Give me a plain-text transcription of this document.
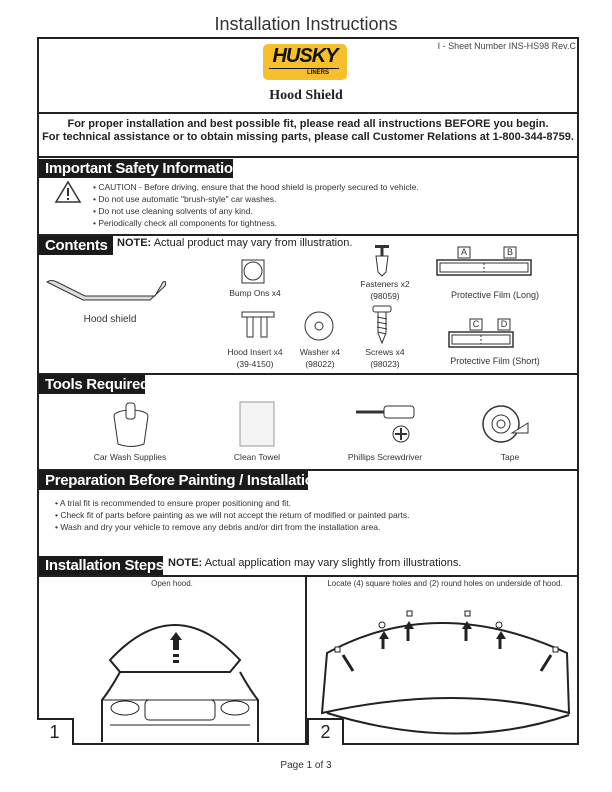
Installation Instructions
I - Sheet Number INS-HS98 Rev.C
HUSKY
LINERS
Hood Shield
For proper installation and best possible fit, please read all instructions BEFORE you begin.
For technical assistance or to obtain missing parts, please call Customer Relations at 1-800-344-8759.
Important Safety Information
• CAUTION - Before driving, ensure that the hood shield is properly secured to vehicle.
• Do not use automatic "brush-style" car washes.
• Do not use cleaning solvents of any kind.
• Periodically check all components for tightness.
Contents NOTE: Actual product may vary from illustration.
Hood shield
Bump Ons x4
Fasteners x2
(98059)
A	B
Protective Film (Long)
Hood Insert x4
(39-4150)
Washer x4
(98022)
Screws x4
(98023)
C	D
Protective Film (Short)
Tools Required
Car Wash Supplies	Clean Towel	Phillips Screwdriver	Tape
Preparation Before Painting / Installation
• A trial fit is recommended to ensure proper positioning and fit.
• Check fit of parts before painting as we will not accept the return of modified or painted parts.
• Wash and dry your vehicle to remove any debris and/or dirt from the installation area.
Installation Steps NOTE: Actual application may vary slightly from illustrations.
Open hood.
1
Locate (4) square holes and (2) round holes on underside of hood.
2
Page 1 of 3
